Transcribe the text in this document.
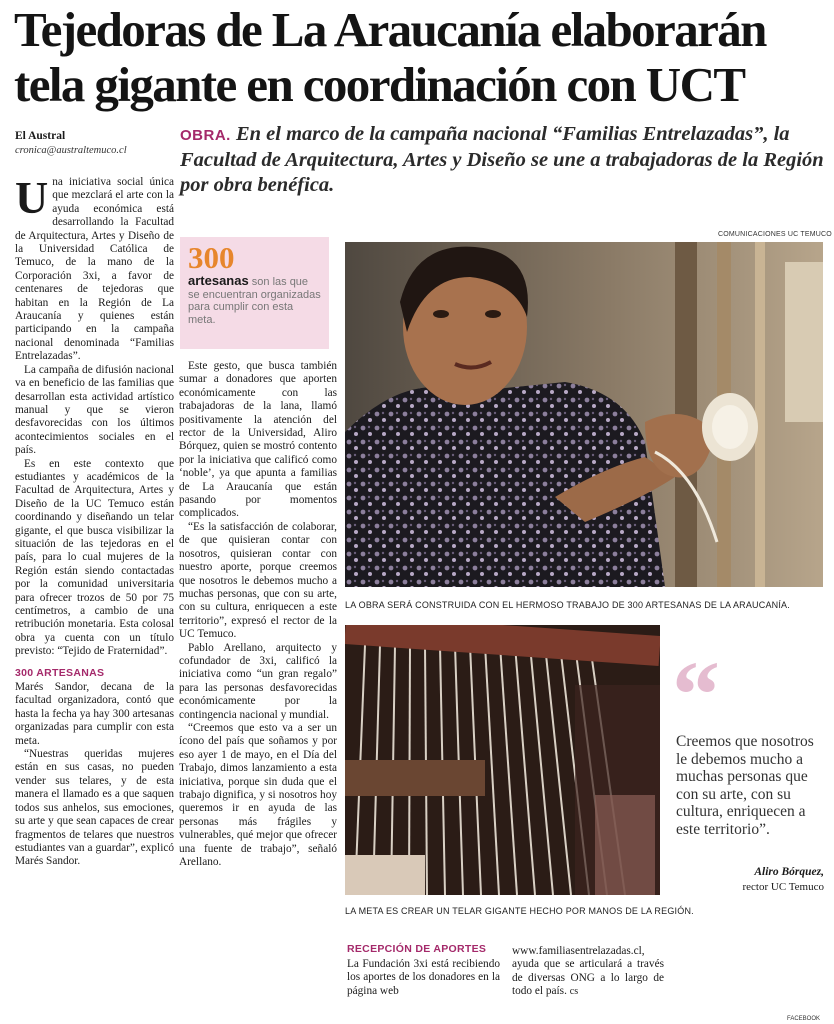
Tejedoras de La Araucanía elaborarán tela gigante en coordinación con UCT
El Austral
cronica@australtemuco.cl
OBRA. En el marco de la campaña nacional “Familias Entrelazadas”, la Facultad de Arquitectura, Artes y Diseño se une a trabajadoras de la Región por obra benéfica.

Una iniciativa social única que mezclará el arte con la ayuda económica está desarrollando la Facultad de Arquitectura, Artes y Diseño de la Universidad Católica de Temuco, de la mano de la Corporación 3xi, a favor de centenares de tejedoras que habitan en la Región de La Araucanía y quienes están participando en la campaña nacional denominada “Familias Entrelazadas”.

La campaña de difusión nacional va en beneficio de las familias que desarrollan esta actividad artístico manual y que se vieron desfavorecidas con los últimos acontecimientos sociales en el país.

Es en este contexto que estudiantes y académicos de la Facultad de Arquitectura, Artes y Diseño de la UC Temuco están coordinando y diseñando un telar gigante, el que busca visibilizar la situación de las tejedoras en el país, para lo cual mujeres de la Región están siendo contactadas por la comunidad universitaria para ofrecer trozos de 50 por 75 centímetros, a cambio de una retribución monetaria. Esta colosal obra ya cuenta con un título previsto: “Tejido de Fraternidad”.

300 ARTESANAS

Marés Sandor, decana de la facultad organizadora, contó que hasta la fecha ya hay 300 artesanas organizadas para cumplir con esta meta.

“Nuestras queridas mujeres están en sus casas, no pueden vender sus telares, y de esta manera el llamado es a que saquen todos sus anhelos, sus emociones, su arte y que sean capaces de crear fragmentos de telares que nuestros estudiantes van a guardar”, explicó Marés Sandor.

300
artesanas son las que se encuentran organizadas para cumplir con esta meta.

Este gesto, que busca también sumar a donadores que aporten económicamente con las trabajadoras de la lana, llamó positivamente la atención del rector de la Universidad, Aliro Bórquez, quien se mostró contento por la iniciativa que calificó como ‘noble’, ya que apunta a familias de La Araucanía que están pasando por momentos complicados.

“Es la satisfacción de colaborar, de que quisieran contar con nosotros, quisieran contar con nuestro aporte, porque creemos que nosotros le debemos mucho a muchas personas, que con su arte, con su cultura, enriquecen a este territorio”, expresó el rector de la UC Temuco.

Pablo Arellano, arquitecto y cofundador de 3xi, calificó la iniciativa como “un gran regalo” para las personas desfavorecidas económicamente por la contingencia nacional y mundial.

“Creemos que esto va a ser un ícono del país que soñamos y por eso ayer 1 de mayo, en el Día del Trabajo, dimos lanzamiento a esta iniciativa, porque sin duda que el trabajo dignifica, y si nosotros hoy queremos ir en ayuda de las personas más frágiles y vulnerables, qué mejor que ofrecer una fuente de trabajo”, señaló Arellano.

COMUNICACIONES UC TEMUCO
LA OBRA SERÁ CONSTRUIDA CON EL HERMOSO TRABAJO DE 300 ARTESANAS DE LA ARAUCANÍA.
LA META ES CREAR UN TELAR GIGANTE HECHO POR MANOS DE LA REGIÓN.
“
Creemos que nosotros le debemos mucho a muchas personas que con su arte, con su cultura, enriquecen a este territorio”.
Aliro Bórquez,
rector UC Temuco
RECEPCIÓN DE APORTES

La Fundación 3xi está recibiendo los aportes de los donadores en la página web

www.familiasentrelazadas.cl, ayuda que se articulará a través de diversas ONG a lo largo de todo el país. cs

FACEBOOK
